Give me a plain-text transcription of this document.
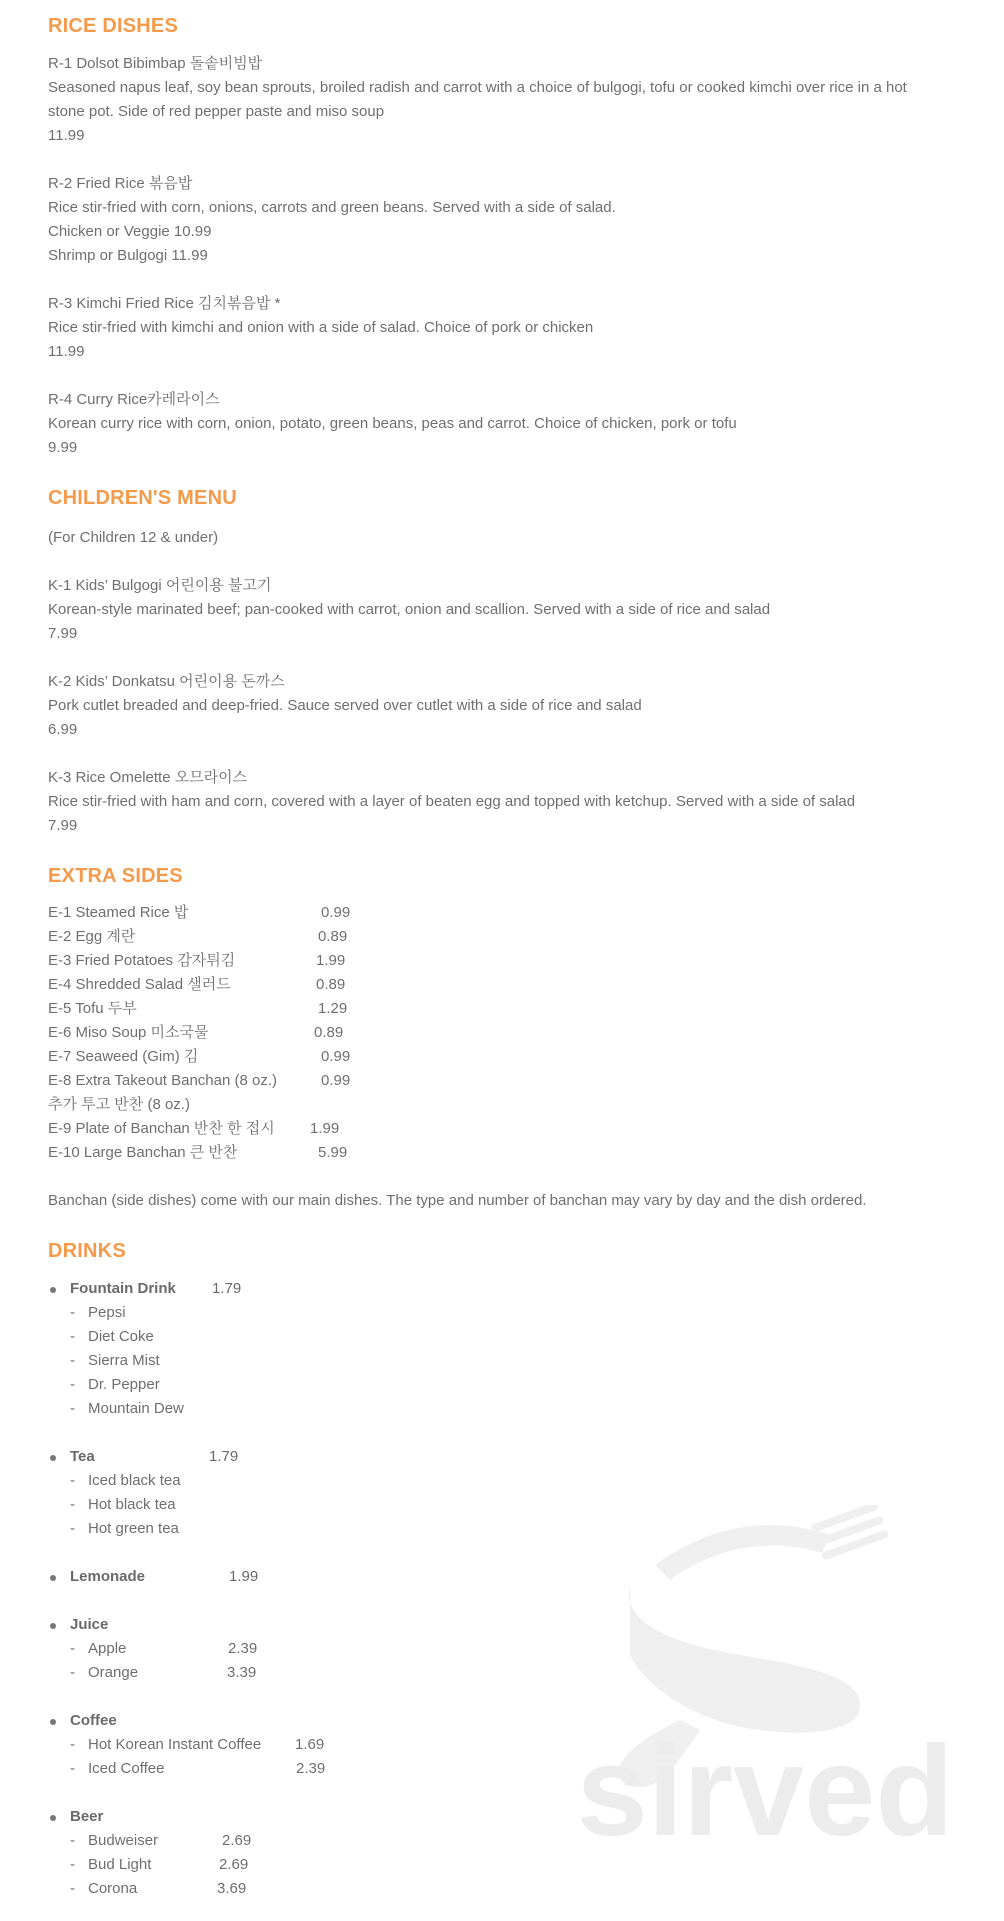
RICE DISHES
R-1 Dolsot Bibimbap 돌솥비빔밥
Seasoned napus leaf, soy bean sprouts, broiled radish and carrot with a choice of bulgogi, tofu or cooked kimchi over rice in a hot
stone pot. Side of red pepper paste and miso soup
11.99
R-2 Fried Rice 볶음밥
Rice stir-fried with corn, onions, carrots and green beans. Served with a side of salad.
Chicken or Veggie 10.99
Shrimp or Bulgogi 11.99
R-3 Kimchi Fried Rice 김치볶음밥 *
Rice stir-fried with kimchi and onion with a side of salad. Choice of pork or chicken
11.99
R-4 Curry Rice카레라이스
Korean curry rice with corn, onion, potato, green beans, peas and carrot. Choice of chicken, pork or tofu
9.99
CHILDREN'S MENU
(For Children 12 & under)
K-1 Kids’ Bulgogi 어린이용 불고기
Korean-style marinated beef; pan-cooked with carrot, onion and scallion. Served with a side of rice and salad
7.99
K-2 Kids’ Donkatsu 어린이용 돈까스
Pork cutlet breaded and deep-fried. Sauce served over cutlet with a side of rice and salad
6.99
K-3 Rice Omelette 오므라이스
Rice stir-fried with ham and corn, covered with a layer of beaten egg and topped with ketchup. Served with a side of salad
7.99
EXTRA SIDES
E-1 Steamed Rice 밥	0.99
E-2 Egg 계란	0.89
E-3 Fried Potatoes 감자튀김	1.99
E-4 Shredded Salad 샐러드	0.89
E-5 Tofu 두부	1.29
E-6 Miso Soup 미소국물	0.89
E-7 Seaweed (Gim) 김	0.99
E-8 Extra Takeout Banchan (8 oz.)	0.99
추가 투고 반찬 (8 oz.)
E-9 Plate of Banchan 반찬 한 접시	1.99
E-10 Large Banchan 큰 반찬	5.99
Banchan (side dishes) come with our main dishes. The type and number of banchan may vary by day and the dish ordered.
DRINKS
Fountain Drink 1.79
- Pepsi
- Diet Coke
- Sierra Mist
- Dr. Pepper
- Mountain Dew
Tea	1.79
- Iced black tea
- Hot black tea
- Hot green tea
Lemonade	1.99
Juice
- Apple	2.39
- Orange	3.39
Coffee
- Hot Korean Instant Coffee 1.69
- Iced Coffee	2.39
Beer
- Budweiser	2.69
- Bud Light	2.69
- Corona	3.69
sirved
